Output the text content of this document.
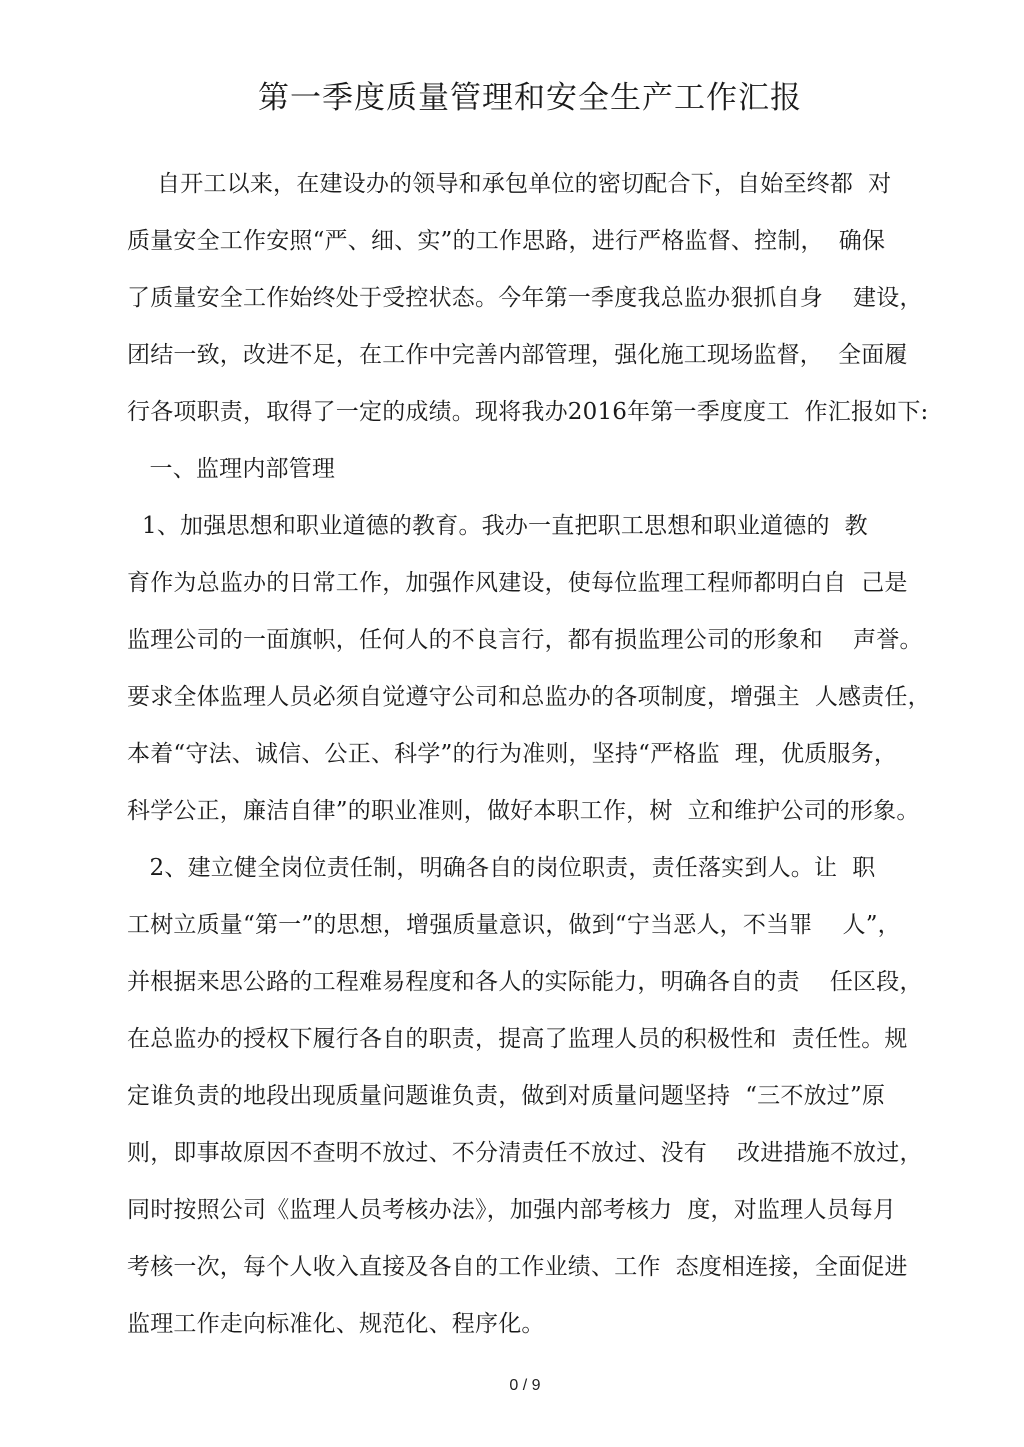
第一季度质量管理和安全生产工作汇报
自开工以来，在建设办的领导和承包单位的密切配合下，自始至终都  对
质量安全工作安照“严、细、实”的工作思路，进行严格监督、控制，  确保
了质量安全工作始终处于受控状态。今年第一季度我总监办狠抓自身    建设，
团结一致，改进不足，在工作中完善内部管理，强化施工现场监督，  全面履
行各项职责，取得了一定的成绩。现将我办2016年第一季度度工  作汇报如下:
一、监理内部管理
1、加强思想和职业道德的教育。我办一直把职工思想和职业道德的  教
育作为总监办的日常工作，加强作风建设，使每位监理工程师都明白自  己是
监理公司的一面旗帜，任何人的不良言行，都有损监理公司的形象和    声誉。
要求全体监理人员必须自觉遵守公司和总监办的各项制度，增强主  人感责任，
本着“守法、诚信、公正、科学”的行为准则，坚持“严格监  理，优质服务，
科学公正，廉洁自律”的职业准则，做好本职工作，树  立和维护公司的形象。
2、建立健全岗位责任制，明确各自的岗位职责，责任落实到人。让  职
工树立质量“第一”的思想，增强质量意识，做到“宁当恶人，不当罪    人”，
并根据来思公路的工程难易程度和各人的实际能力，明确各自的责    任区段，
在总监办的授权下履行各自的职责，提高了监理人员的积极性和  责任性。规
定谁负责的地段出现质量问题谁负责，做到对质量问题坚持  “三不放过”原
则，即事故原因不查明不放过、不分清责任不放过、没有    改进措施不放过，
同时按照公司《监理人员考核办法》，加强内部考核力  度，对监理人员每月
考核一次，每个人收入直接及各自的工作业绩、工作  态度相连接，全面促进
监理工作走向标准化、规范化、程序化。
0 / 9
